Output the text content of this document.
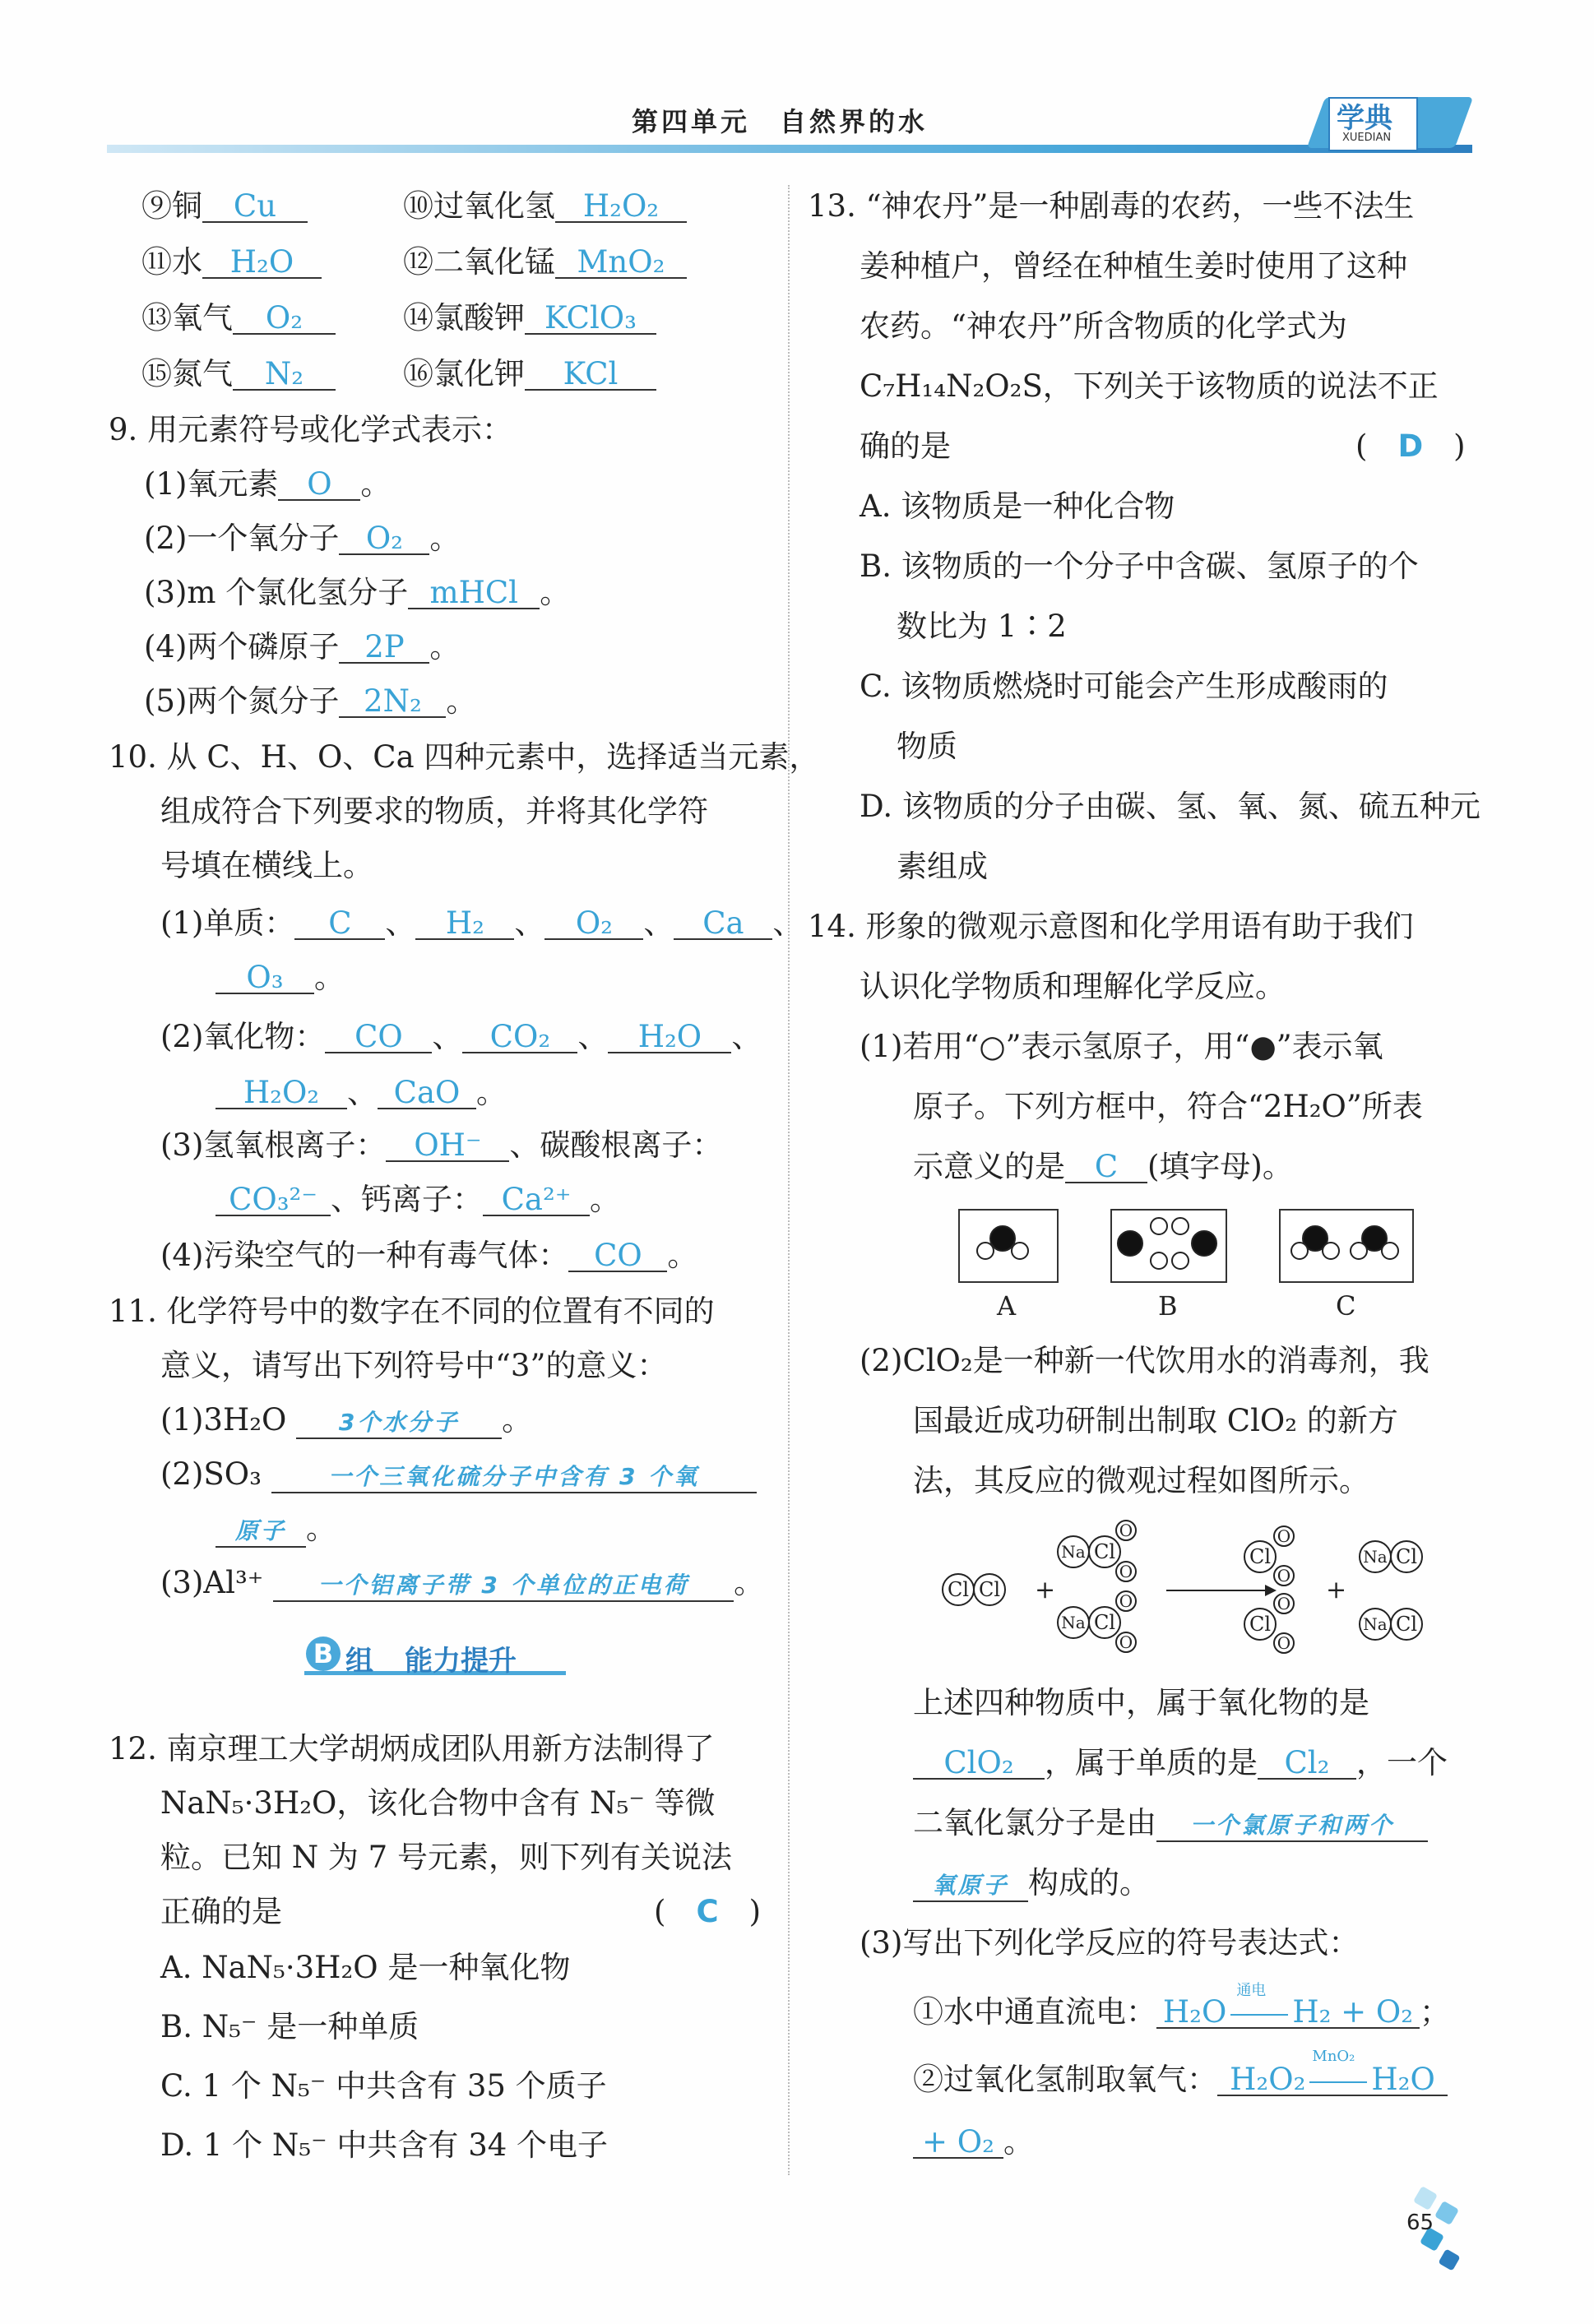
第四单元　自然界的水	学典
XUEDIAN
⑨铜 Cu	⑩过氧化氢 H₂O₂
⑪水 H₂O	⑫二氧化锰 MnO₂
⑬氧气 O₂	⑭氯酸钾 KClO₃
⑮氮气 N₂	⑯氯化钾 KCl
9. 用元素符号或化学式表示：
(1)氧元素 O 。
(2)一个氧分子 O₂ 。
(3)m 个氯化氢分子 mHCl 。
(4)两个磷原子 2P 。
(5)两个氮分子 2N₂ 。
10. 从 C、H、O、Ca 四种元素中，选择适当元素，
组成符合下列要求的物质，并将其化学符
号填在横线上。
(1)单质： C 、 H₂ 、 O₂ 、 Ca 、
O₃ 。
(2)氧化物： CO 、 CO₂ 、 H₂O 、
H₂O₂ 、 CaO 。
(3)氢氧根离子： OH⁻ 、碳酸根离子：
CO₃²⁻ 、钙离子： Ca²⁺ 。
(4)污染空气的一种有毒气体： CO 。
11. 化学符号中的数字在不同的位置有不同的
意义，请写出下列符号中“3”的意义：
(1)3H₂O 3个水分子 。
(2)SO₃	一个三氧化硫分子中含有 3 个氧
原子 。
(3)Al³⁺ 一个铝离子带 3 个单位的正电荷 。
B 组 能力提升
12. 南京理工大学胡炳成团队用新方法制得了
NaN₅·3H₂O，该化合物中含有 N₅⁻ 等微
粒。已知 N 为 7 号元素，则下列有关说法
正确的是	(　C　)
A. NaN₅·3H₂O 是一种氧化物
B. N₅⁻ 是一种单质
C. 1 个 N₅⁻ 中共含有 35 个质子
D. 1 个 N₅⁻ 中共含有 34 个电子
13. “神农丹”是一种剧毒的农药，一些不法生
姜种植户，曾经在种植生姜时使用了这种
农药。“神农丹”所含物质的化学式为
C₇H₁₄N₂O₂S，下列关于该物质的说法不正
确的是	(　D　)
A. 该物质是一种化合物
B. 该物质的一个分子中含碳、氢原子的个
数比为 1∶2
C. 该物质燃烧时可能会产生形成酸雨的
物质
D. 该物质的分子由碳、氢、氧、氮、硫五种元
素组成
14. 形象的微观示意图和化学用语有助于我们
认识化学物质和理解化学反应。
(1)若用“○”表示氢原子，用“●”表示氧
原子。下列方框中，符合“2H₂O”所表
示意义的是 C (填字母)。
A	B	C
(2)ClO₂是一种新一代饮用水的消毒剂，我
国最近成功研制出制取 ClO₂ 的新方
法，其反应的微观过程如图所示。
Cl Cl +
Na Cl
O
O
Na Cl
O
O
Cl
O
O
Cl
O
O
+
Na Cl
Na Cl
上述四种物质中，属于氧化物的是
ClO₂ ，属于单质的是 Cl₂ ，一个
二氧化氯分子是由 一个氯原子和两个
氧原子 构成的。
(3)写出下列化学反应的符号表达式：
①水中通直流电： H₂O
通电
H₂ + O₂ ；
②过氧化氢制取氧气： H₂O₂
MnO₂
H₂O
+ O₂ 。
65
